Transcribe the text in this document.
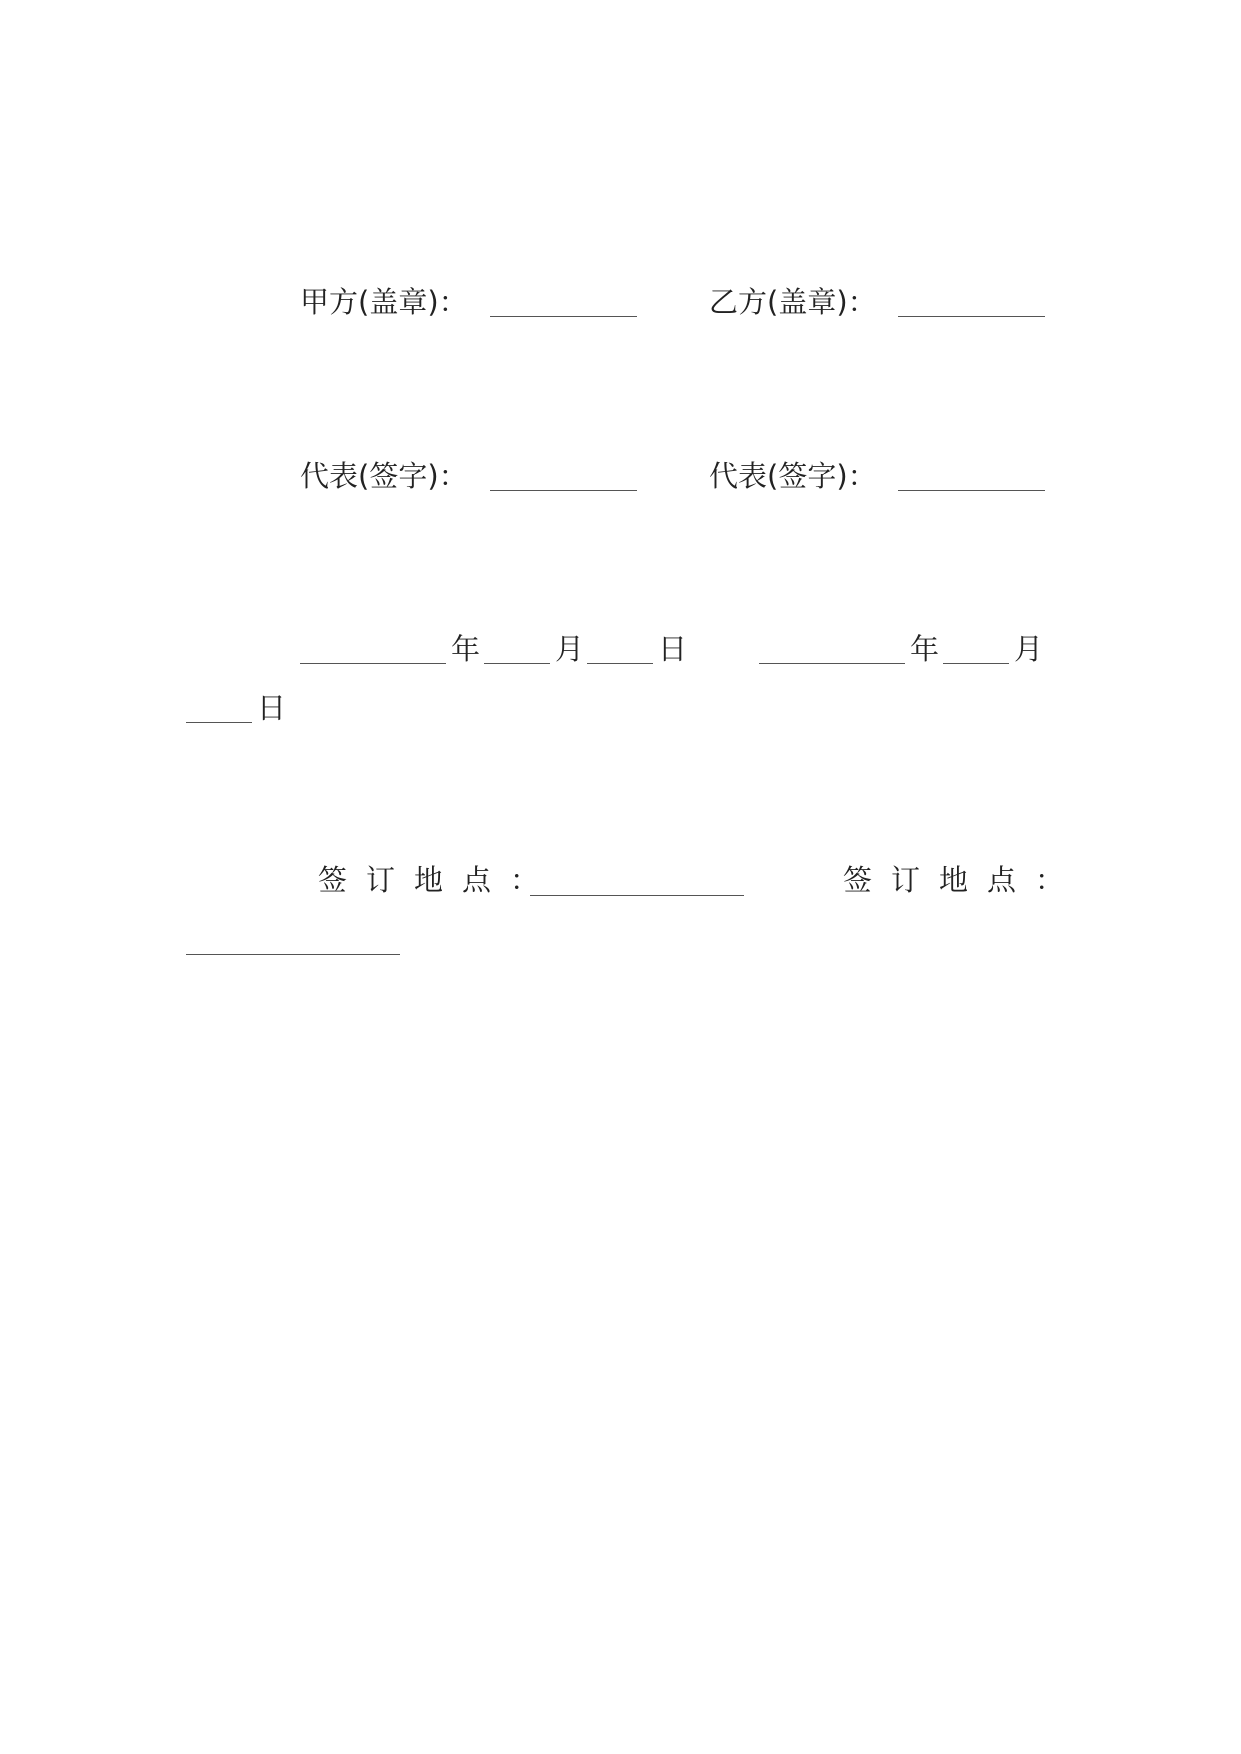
甲方(盖章)：	乙方(盖章)：
代表(签字)：	代表(签字)：
年	月	日	年	月
日
签订地点：	签订地点：
